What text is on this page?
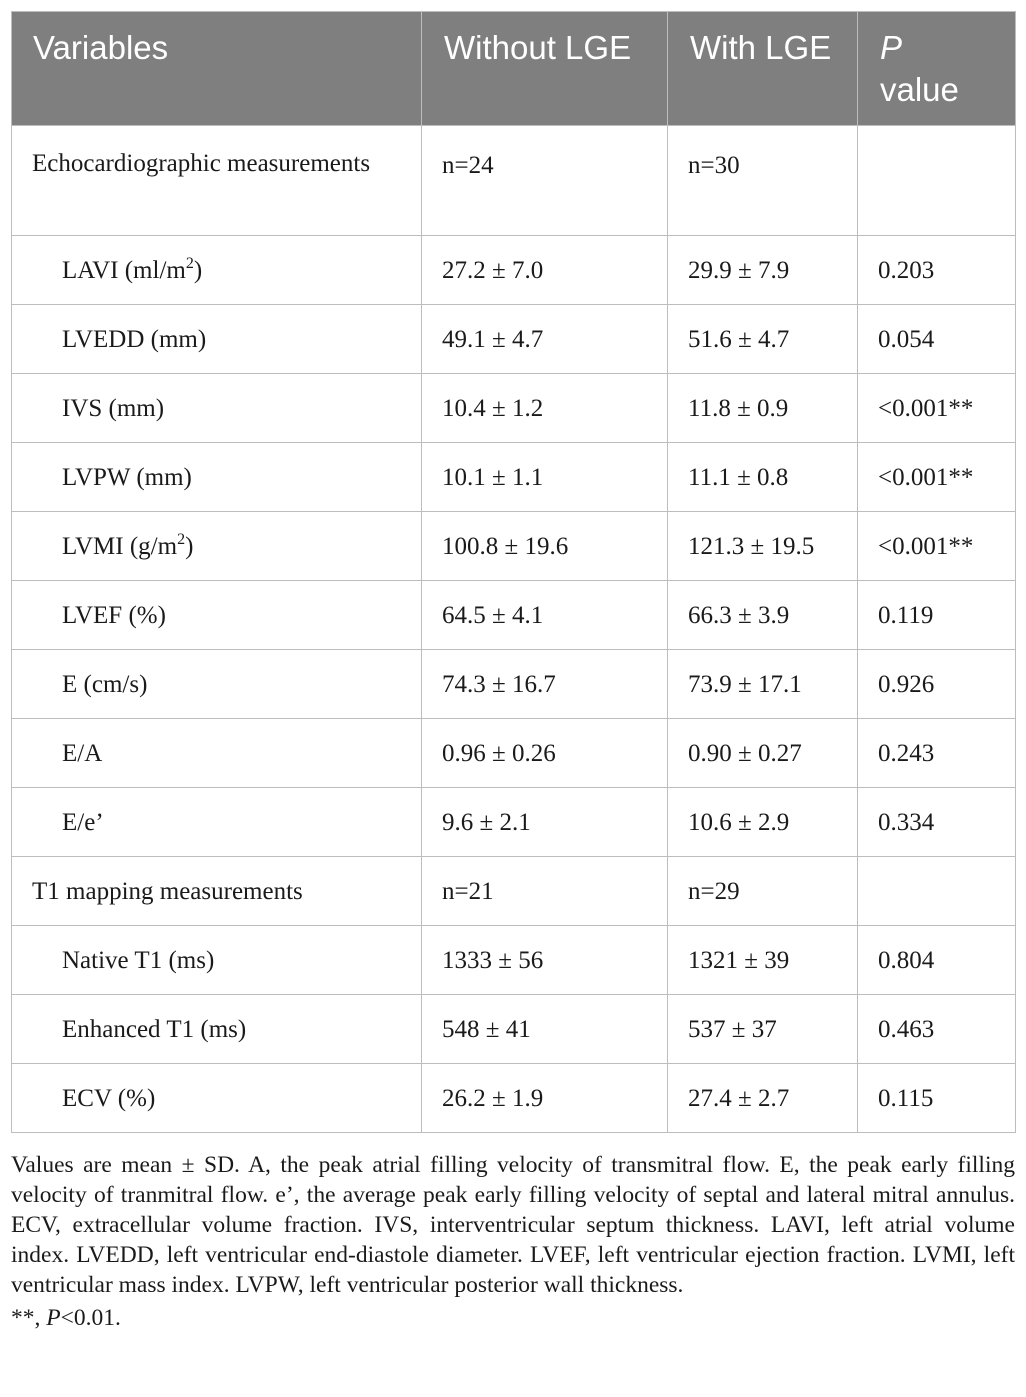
Variables	Without LGE	With LGE	P
value
Echocardiographic measurements	n=24	n=30	
LAVI $(ml/m^2)$	27.2 ± 7.0	29.9 ± 7.9	0.203
LVEDD (mm)	49.1 ± 4.7	51.6 ± 4.7	0.054
IVS (mm)	10.4 ± 1.2	11.8 ± 0.9	<0.001**
LVPW (mm)	10.1 ± 1.1	11.1 ± 0.8	<0.001**
LVMI $(g/m^2)$	100.8 ± 19.6	121.3 ± 19.5	<0.001**
LVEF (%)	64.5 ± 4.1	66.3 ± 3.9	0.119
E (cm/s)	74.3 ± 16.7	73.9 ± 17.1	0.926
E/A	0.96 ± 0.26	0.90 ± 0.27	0.243
E/e’	9.6 ± 2.1	10.6 ± 2.9	0.334
T1 mapping measurements	n=21	n=29	
Native T1 (ms)	1333 ± 56	1321 ± 39	0.804
Enhanced T1 (ms)	548 ± 41	537 ± 37	0.463
ECV (%)	26.2 ± 1.9	27.4 ± 2.7	0.115

Values are mean ± SD. A, the peak atrial filling velocity of transmitral flow. E, the peak early filling velocity of tranmitral flow. e’, the average peak early filling velocity of septal and lateral mitral annulus. ECV, extracellular volume fraction. IVS, interventricular septum thickness. LAVI, left atrial volume index. LVEDD, left ventricular end-diastole diameter. LVEF, left ventricular ejection fraction. LVMI, left ventricular mass index. LVPW, left ventricular posterior wall thickness.

**, P<0.01.
